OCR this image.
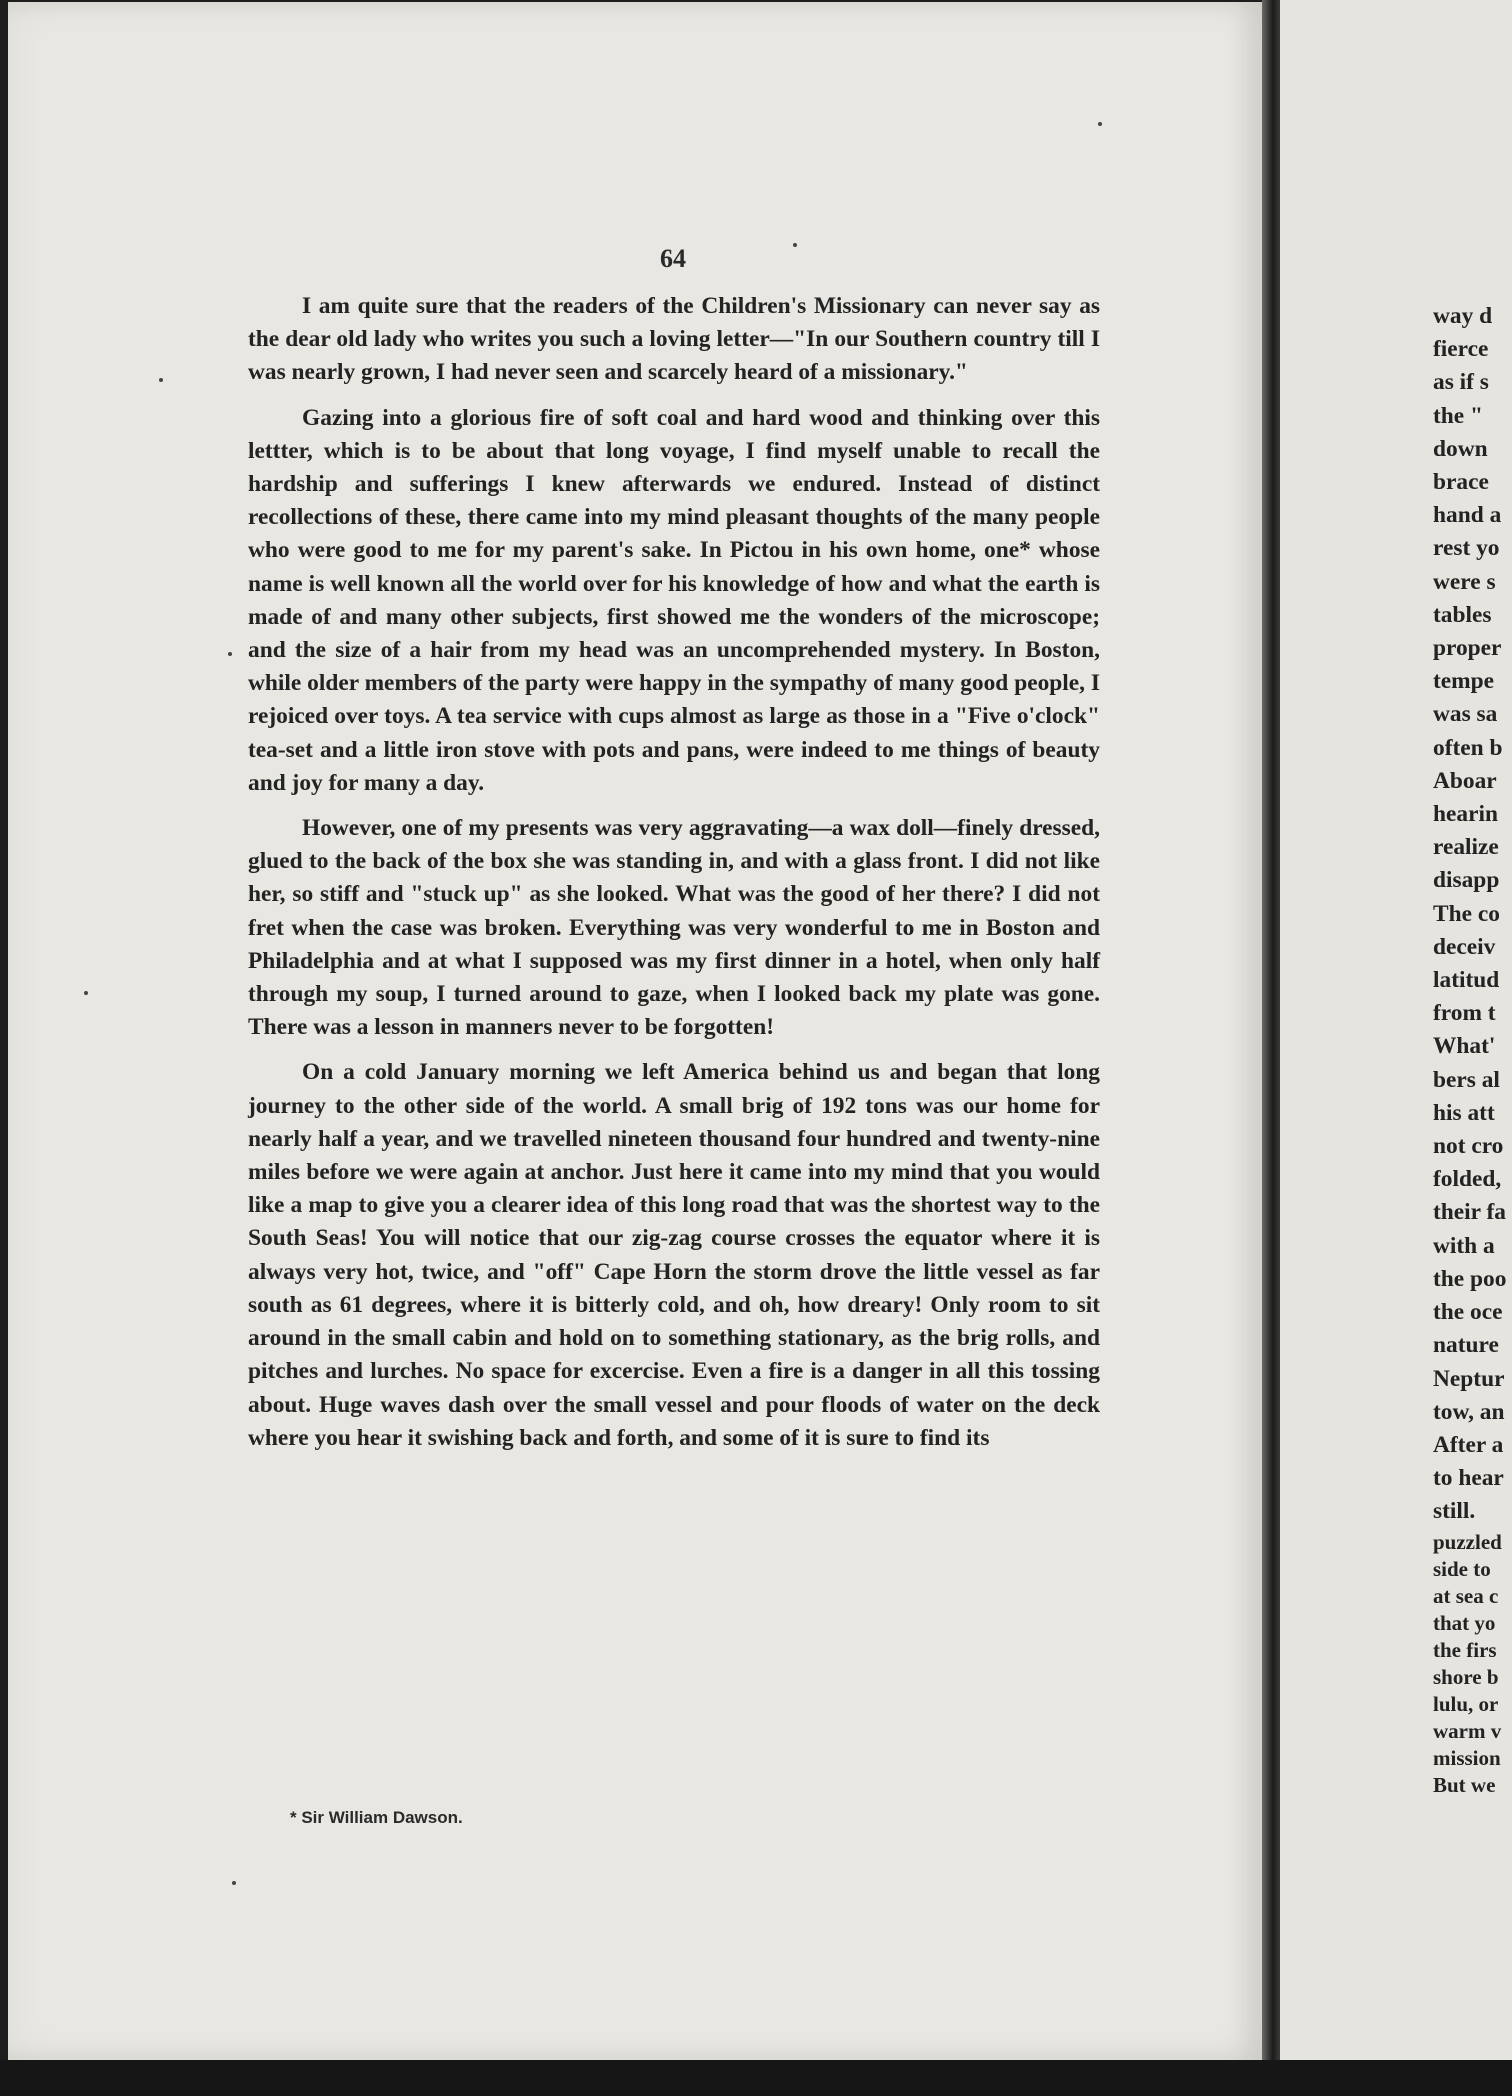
way d
fierce
as if s
the "
down
brace
hand a
rest yo
were s
tables
proper
tempe
was sa
often b
Aboar
hearin
realize
disapp
The co
deceiv
latitud
from t
What'
bers al
his att
not cro
folded,
their fa
with a
the poo
the oce
nature
Neptur
tow, an
After a
to hear
still.
puzzled
side to
at sea c
that yo
the firs
shore b
lulu, or
warm v
mission
But we
64

I am quite sure that the readers of the Children's Missionary can never say as the dear old lady who writes you such a loving letter—"In our Southern country till I was nearly grown, I had never seen and scarcely heard of a missionary."

Gazing into a glorious fire of soft coal and hard wood and thinking over this lettter, which is to be about that long voyage, I find myself unable to recall the hardship and sufferings I knew afterwards we endured. Instead of distinct recollections of these, there came into my mind pleasant thoughts of the many people who were good to me for my parent's sake. In Pictou in his own home, one* whose name is well known all the world over for his knowledge of how and what the earth is made of and many other subjects, first showed me the wonders of the microscope; and the size of a hair from my head was an uncomprehended mystery. In Boston, while older members of the party were happy in the sympathy of many good people, I rejoiced over toys. A tea service with cups almost as large as those in a "Five o'clock" tea-set and a little iron stove with pots and pans, were indeed to me things of beauty and joy for many a day.

However, one of my presents was very aggravating—a wax doll—finely dressed, glued to the back of the box she was standing in, and with a glass front. I did not like her, so stiff and "stuck up" as she looked. What was the good of her there? I did not fret when the case was broken. Everything was very wonderful to me in Boston and Philadelphia and at what I supposed was my first dinner in a hotel, when only half through my soup, I turned around to gaze, when I looked back my plate was gone. There was a lesson in manners never to be forgotten!

On a cold January morning we left America behind us and began that long journey to the other side of the world. A small brig of 192 tons was our home for nearly half a year, and we travelled nineteen thousand four hundred and twenty-nine miles before we were again at anchor. Just here it came into my mind that you would like a map to give you a clearer idea of this long road that was the shortest way to the South Seas! You will notice that our zig-zag course crosses the equator where it is always very hot, twice, and "off" Cape Horn the storm drove the little vessel as far south as 61 degrees, where it is bitterly cold, and oh, how dreary! Only room to sit around in the small cabin and hold on to something stationary, as the brig rolls, and pitches and lurches. No space for excercise. Even a fire is a danger in all this tossing about. Huge waves dash over the small vessel and pour floods of water on the deck where you hear it swishing back and forth, and some of it is sure to find its

* Sir William Dawson.
